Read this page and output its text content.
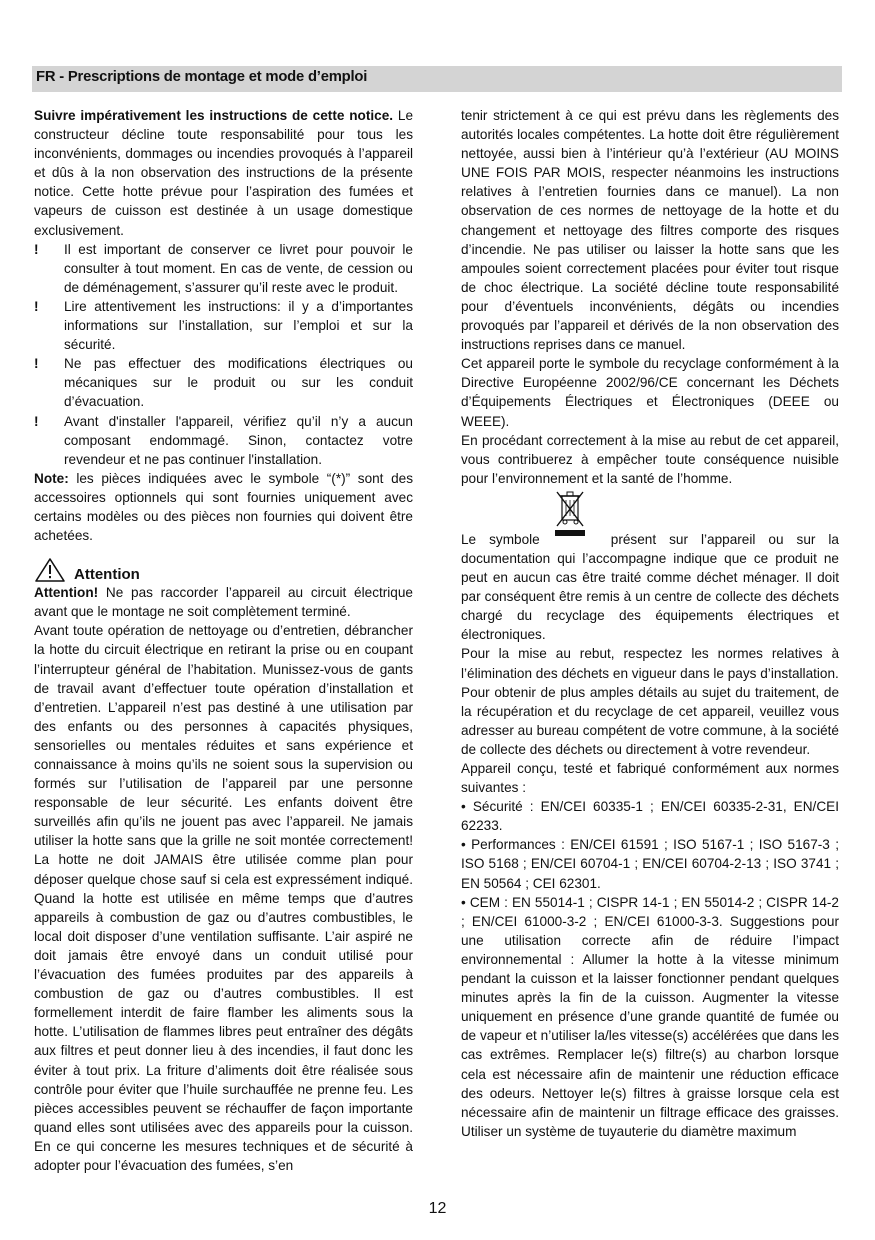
FR - Prescriptions de montage et mode d’emploi

Suivre impérativement les instructions de cette notice. Le constructeur décline toute responsabilité pour tous les inconvénients, dommages ou incendies provoqués à l’appareil et dûs à la non observation des instructions de la présente notice. Cette hotte prévue pour l’aspiration des fumées et vapeurs de cuisson est destinée à un usage domestique exclusivement.

! Il est important de conserver ce livret pour pouvoir le consulter à tout moment. En cas de vente, de cession ou de déménagement, s’assurer qu’il reste avec le produit.

! Lire attentivement les instructions: il y a d’importantes informations sur l’installation, sur l’emploi et sur la sécurité.

! Ne pas effectuer des modifications électriques ou mécaniques sur le produit ou sur les conduit d’évacuation.

! Avant d'installer l'appareil, vérifiez qu’il n’y a aucun composant endommagé. Sinon, contactez votre revendeur et ne pas continuer l'installation.

Note: les pièces indiquées avec le symbole “(*)” sont des accessoires optionnels qui sont fournies uniquement avec certains modèles ou des pièces non fournies qui doivent être achetées.

Attention

Attention! Ne pas raccorder l’appareil au circuit électrique avant que le montage ne soit complètement terminé.

Avant toute opération de nettoyage ou d’entretien, débrancher la hotte du circuit électrique en retirant la prise ou en coupant l’interrupteur général de l’habitation. Munissez-vous de gants de travail avant d’effectuer toute opération d’installation et d’entretien. L’appareil n’est pas destiné à une utilisation par des enfants ou des personnes à capacités physiques, sensorielles ou mentales réduites et sans expérience et connaissance à moins qu’ils ne soient sous la supervision ou formés sur l’utilisation de l’appareil par une personne responsable de leur sécurité. Les enfants doivent être surveillés afin qu’ils ne jouent pas avec l’appareil. Ne jamais utiliser la hotte sans que la grille ne soit montée correctement! La hotte ne doit JAMAIS être utilisée comme plan pour déposer quelque chose sauf si cela est expressément indiqué. Quand la hotte est utilisée en même temps que d’autres appareils à combustion de gaz ou d’autres combustibles, le local doit disposer d’une ventilation suffisante. L’air aspiré ne doit jamais être envoyé dans un conduit utilisé pour l’évacuation des fumées produites par des appareils à combustion de gaz ou d’autres combustibles. Il est formellement interdit de faire flamber les aliments sous la hotte. L’utilisation de flammes libres peut entraîner des dégâts aux filtres et peut donner lieu à des incendies, il faut donc les éviter à tout prix. La friture d’aliments doit être réalisée sous contrôle pour éviter que l’huile surchauffée ne prenne feu. Les pièces accessibles peuvent se réchauffer de façon importante quand elles sont utilisées avec des appareils pour la cuisson. En ce qui concerne les mesures techniques et de sécurité à adopter pour l’évacuation des fumées, s’en

tenir strictement à ce qui est prévu dans les règlements des autorités locales compétentes. La hotte doit être régulièrement nettoyée, aussi bien à l’intérieur qu’à l’extérieur (AU MOINS UNE FOIS PAR MOIS, respecter néanmoins les instructions relatives à l’entretien fournies dans ce manuel). La non observation de ces normes de nettoyage de la hotte et du changement et nettoyage des filtres comporte des risques d’incendie. Ne pas utiliser ou laisser la hotte sans que les ampoules soient correctement placées pour éviter tout risque de choc électrique. La société décline toute responsabilité pour d’éventuels inconvénients, dégâts ou incendies provoqués par l’appareil et dérivés de la non observation des instructions reprises dans ce manuel.

Cet appareil porte le symbole du recyclage conformément à la Directive Européenne 2002/96/CE concernant les Déchets d’Équipements Électriques et Électroniques (DEEE ou WEEE).

En procédant correctement à la mise au rebut de cet appareil, vous contribuerez à empêcher toute conséquence nuisible pour l’environnement et la santé de l’homme.

Le symbole	présent sur l’appareil ou sur la documentation qui l’accompagne indique que ce produit ne peut en aucun cas être traité comme déchet ménager. Il doit par conséquent être remis à un centre de collecte des déchets chargé du recyclage des équipements électriques et électroniques.

Pour la mise au rebut, respectez les normes relatives à l’élimination des déchets en vigueur dans le pays d’installation.

Pour obtenir de plus amples détails au sujet du traitement, de la récupération et du recyclage de cet appareil, veuillez vous adresser au bureau compétent de votre commune, à la société de collecte des déchets ou directement à votre revendeur.

Appareil conçu, testé et fabriqué conformément aux normes suivantes :

• Sécurité : EN/CEI 60335-1 ; EN/CEI 60335-2-31, EN/CEI 62233.

• Performances : EN/CEI 61591 ; ISO 5167-1 ; ISO 5167-3 ; ISO 5168 ; EN/CEI 60704-1 ; EN/CEI 60704-2-13 ; ISO 3741 ; EN 50564 ; CEI 62301.

• CEM : EN 55014-1 ; CISPR 14-1 ; EN 55014-2 ; CISPR 14-2 ; EN/CEI 61000-3-2 ; EN/CEI 61000-3-3. Suggestions pour une utilisation correcte afin de réduire l’impact environnemental : Allumer la hotte à la vitesse minimum pendant la cuisson et la laisser fonctionner pendant quelques minutes après la fin de la cuisson. Augmenter la vitesse uniquement en présence d’une grande quantité de fumée ou de vapeur et n’utiliser la/les vitesse(s) accélérées que dans les cas extrêmes. Remplacer le(s) filtre(s) au charbon lorsque cela est nécessaire afin de maintenir une réduction efficace des odeurs. Nettoyer le(s) filtres à graisse lorsque cela est nécessaire afin de maintenir un filtrage efficace des graisses. Utiliser un système de tuyauterie du diamètre maximum

12
